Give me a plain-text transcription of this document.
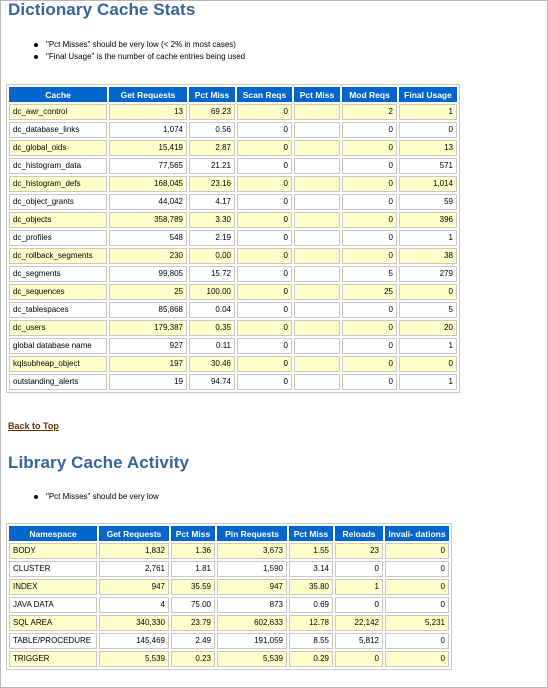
Dictionary Cache Stats
"Pct Misses" should be very low (< 2% in most cases)
"Final Usage" is the number of cache entries being used
Cache	Get Requests	Pct Miss	Scan Reqs	Pct Miss	Mod Reqs	Final Usage
dc_awr_control	13	69.23	0		2	1
dc_database_links	1,074	0.56	0		0	0
dc_global_oids	15,419	2.87	0		0	13
dc_histogram_data	77,565	21.21	0		0	571
dc_histogram_defs	168,045	23.16	0		0	1,014
dc_object_grants	44,042	4.17	0		0	59
dc_objects	358,789	3.30	0		0	396
dc_profiles	548	2.19	0		0	1
dc_rollback_segments	230	0.00	0		0	38
dc_segments	99,805	15.72	0		5	279
dc_sequences	25	100.00	0		25	0
dc_tablespaces	85,868	0.04	0		0	5
dc_users	179,387	0.35	0		0	20
global database name	927	0.11	0		0	1
kqlsubheap_object	197	30.46	0		0	0
outstanding_alerts	19	94.74	0		0	1
Back to Top
Library Cache Activity
"Pct Misses" should be very low
Namespace	Get Requests	Pct Miss	Pin Requests	Pct Miss	Reloads	Invali- dations
BODY	1,832	1.36	3,673	1.55	23	0
CLUSTER	2,761	1.81	1,590	3.14	0	0
INDEX	947	35.59	947	35.80	1	0
JAVA DATA	4	75.00	873	0.69	0	0
SQL AREA	340,330	23.79	602,633	12.78	22,142	5,231
TABLE/PROCEDURE	145,469	2.49	191,059	8.55	5,812	0
TRIGGER	5,539	0.23	5,539	0.29	0	0
